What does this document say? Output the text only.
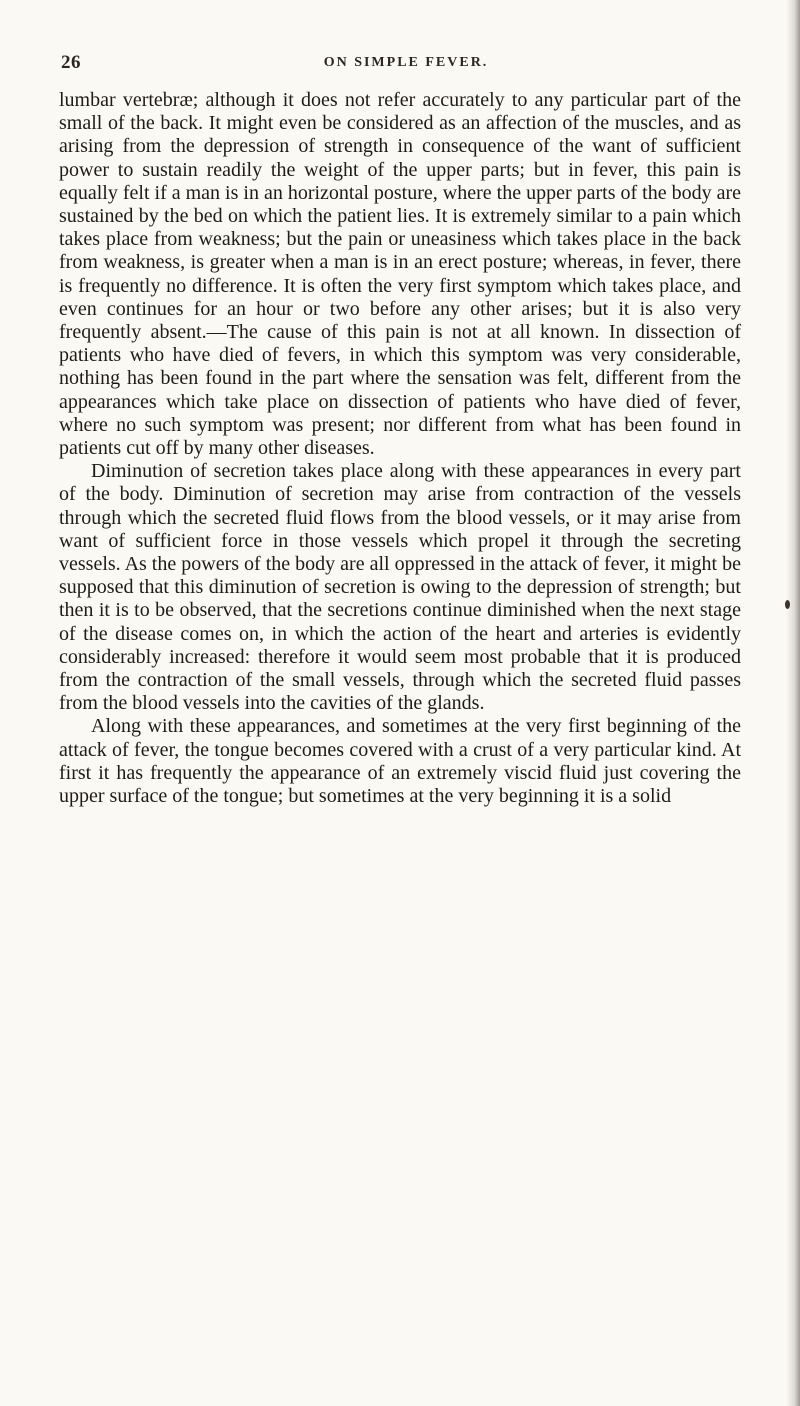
26	ON SIMPLE FEVER.

lumbar vertebræ; although it does not refer accurately to any particular part of the small of the back. It might even be considered as an affection of the muscles, and as arising from the depression of strength in consequence of the want of sufficient power to sustain readily the weight of the upper parts; but in fever, this pain is equally felt if a man is in an horizontal posture, where the upper parts of the body are sustained by the bed on which the patient lies. It is extremely similar to a pain which takes place from weakness; but the pain or uneasiness which takes place in the back from weakness, is greater when a man is in an erect posture; whereas, in fever, there is frequently no difference. It is often the very first symptom which takes place, and even continues for an hour or two before any other arises; but it is also very frequently absent.—The cause of this pain is not at all known. In dissection of patients who have died of fevers, in which this symptom was very considerable, nothing has been found in the part where the sensation was felt, different from the appearances which take place on dissection of patients who have died of fever, where no such symptom was present; nor different from what has been found in patients cut off by many other diseases.

Diminution of secretion takes place along with these appearances in every part of the body. Diminution of secretion may arise from contraction of the vessels through which the secreted fluid flows from the blood vessels, or it may arise from want of sufficient force in those vessels which propel it through the secreting vessels. As the powers of the body are all oppressed in the attack of fever, it might be supposed that this diminution of secretion is owing to the depression of strength; but then it is to be observed, that the secretions continue diminished when the next stage of the disease comes on, in which the action of the heart and arteries is evidently considerably increased: therefore it would seem most probable that it is produced from the contraction of the small vessels, through which the secreted fluid passes from the blood vessels into the cavities of the glands.

Along with these appearances, and sometimes at the very first beginning of the attack of fever, the tongue becomes covered with a crust of a very particular kind. At first it has frequently the appearance of an extremely viscid fluid just covering the upper surface of the tongue; but sometimes at the very beginning it is a solid
